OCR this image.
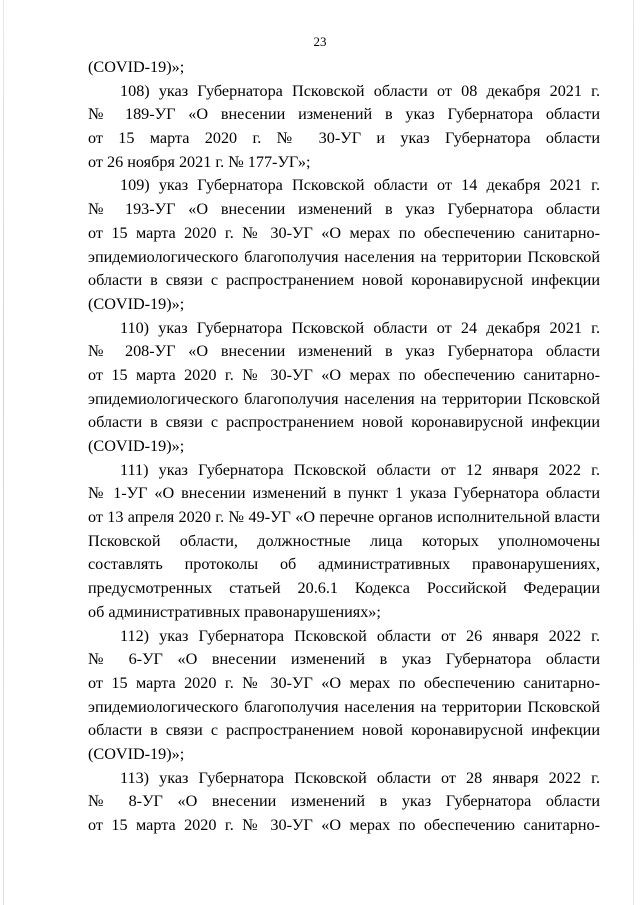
23
(COVID-19)»;
108) указ Губернатора Псковской области от 08 декабря 2021 г.
№ 189-УГ «О внесении изменений в указ Губернатора области
от 15 марта 2020 г. № 30-УГ и указ Губернатора области
от 26 ноября 2021 г. № 177-УГ»;
109) указ Губернатора Псковской области от 14 декабря 2021 г.
№ 193-УГ «О внесении изменений в указ Губернатора области
от 15 марта 2020 г. № 30-УГ «О мерах по обеспечению санитарно-
эпидемиологического благополучия населения на территории Псковской
области в связи с распространением новой коронавирусной инфекции
(COVID-19)»;
110) указ Губернатора Псковской области от 24 декабря 2021 г.
№ 208-УГ «О внесении изменений в указ Губернатора области
от 15 марта 2020 г. № 30-УГ «О мерах по обеспечению санитарно-
эпидемиологического благополучия населения на территории Псковской
области в связи с распространением новой коронавирусной инфекции
(COVID-19)»;
111) указ Губернатора Псковской области от 12 января 2022 г.
№ 1-УГ «О внесении изменений в пункт 1 указа Губернатора области
от 13 апреля 2020 г. № 49-УГ «О перечне органов исполнительной власти
Псковской области, должностные лица которых уполномочены
составлять протоколы об административных правонарушениях,
предусмотренных статьей 20.6.1 Кодекса Российской Федерации
об административных правонарушениях»;
112) указ Губернатора Псковской области от 26 января 2022 г.
№ 6-УГ «О внесении изменений в указ Губернатора области
от 15 марта 2020 г. № 30-УГ «О мерах по обеспечению санитарно-
эпидемиологического благополучия населения на территории Псковской
области в связи с распространением новой коронавирусной инфекции
(COVID-19)»;
113) указ Губернатора Псковской области от 28 января 2022 г.
№ 8-УГ «О внесении изменений в указ Губернатора области
от 15 марта 2020 г. № 30-УГ «О мерах по обеспечению санитарно-
